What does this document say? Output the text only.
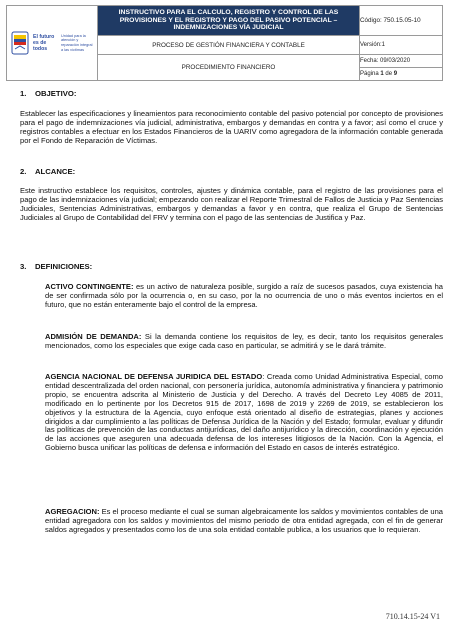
El futuro es de todos
Unidad para la atención y reparación integral a las víctimas	INSTRUCTIVO PARA EL CALCULO, REGISTRO Y CONTROL DE LAS PROVISIONES Y EL REGISTRO Y PAGO DEL PASIVO POTENCIAL – INDEMNIZACIONES VÍA JUDICIAL	Código: 750.15.05-10
	PROCESO DE GESTIÓN FINANCIERA Y CONTABLE	Versión:1
	PROCEDIMIENTO FINANCIERO	Fecha: 09/03/2020
		Página 1 de 9
1. OBJETIVO:

Establecer las especificaciones y lineamientos para reconocimiento contable del pasivo potencial por concepto de provisiones para el pago de indemnizaciones vía judicial, administrativa, embargos y demandas en contra y a favor; así como el cruce y registros contables a efectuar en los Estados Financieros de la UARIV como agregadora de la información contable generada por el Fondo de Reparación de Víctimas.

2. ALCANCE:

Este instructivo establece los requisitos, controles, ajustes y dinámica contable, para el registro de las provisiones para el pago de las indemnizaciones vía judicial; empezando con realizar el Reporte Trimestral de Fallos de Justicia y Paz Sentencias Judiciales, Sentencias Administrativas, embargos y demandas a favor y en contra, que realiza el Grupo de Sentencias Judiciales al Grupo de Contabilidad del FRV y termina con el pago de las sentencias de Justifica y Paz.

3. DEFINICIONES:

ACTIVO CONTINGENTE: es un activo de naturaleza posible, surgido a raíz de sucesos pasados, cuya existencia ha de ser confirmada sólo por la ocurrencia o, en su caso, por la no ocurrencia de uno o más eventos inciertos en el futuro, que no están enteramente bajo el control de la empresa.

ADMISIÓN DE DEMANDA: Si la demanda contiene los requisitos de ley, es decir, tanto los requisitos generales mencionados, como los especiales que exige cada caso en particular, se admitirá y se le dará trámite.

AGENCIA NACIONAL DE DEFENSA JURIDICA DEL ESTADO: Creada como Unidad Administrativa Especial, como entidad descentralizada del orden nacional, con personería jurídica, autonomía administrativa y financiera y patrimonio propio, se encuentra adscrita al Ministerio de Justicia y del Derecho. A través del Decreto Ley 4085 de 2011, modificado en lo pertinente por los Decretos 915 de 2017, 1698 de 2019 y 2269 de 2019, se establecieron los objetivos y la estructura de la Agencia, cuyo enfoque está orientado al diseño de estrategias, planes y acciones dirigidos a dar cumplimiento a las políticas de Defensa Jurídica de la Nación y del Estado; formular, evaluar y difundir las políticas de prevención de las conductas antijurídicas, del daño antijurídico y la dirección, coordinación y ejecución de las acciones que aseguren una adecuada defensa de los intereses litigiosos de la Nación. Con la Agencia, el Gobierno busca unificar las políticas de defensa e información del Estado en casos de interés estratégico.

AGREGACION: Es el proceso mediante el cual se suman algebraicamente los saldos y movimientos contables de una entidad agregadora con los saldos y movimientos del mismo periodo de otra entidad agregada, con el fin de generar saldos agregados y presentados como los de una sola entidad contable publica, a los usuarios que lo requieran.

710.14.15-24 V1
